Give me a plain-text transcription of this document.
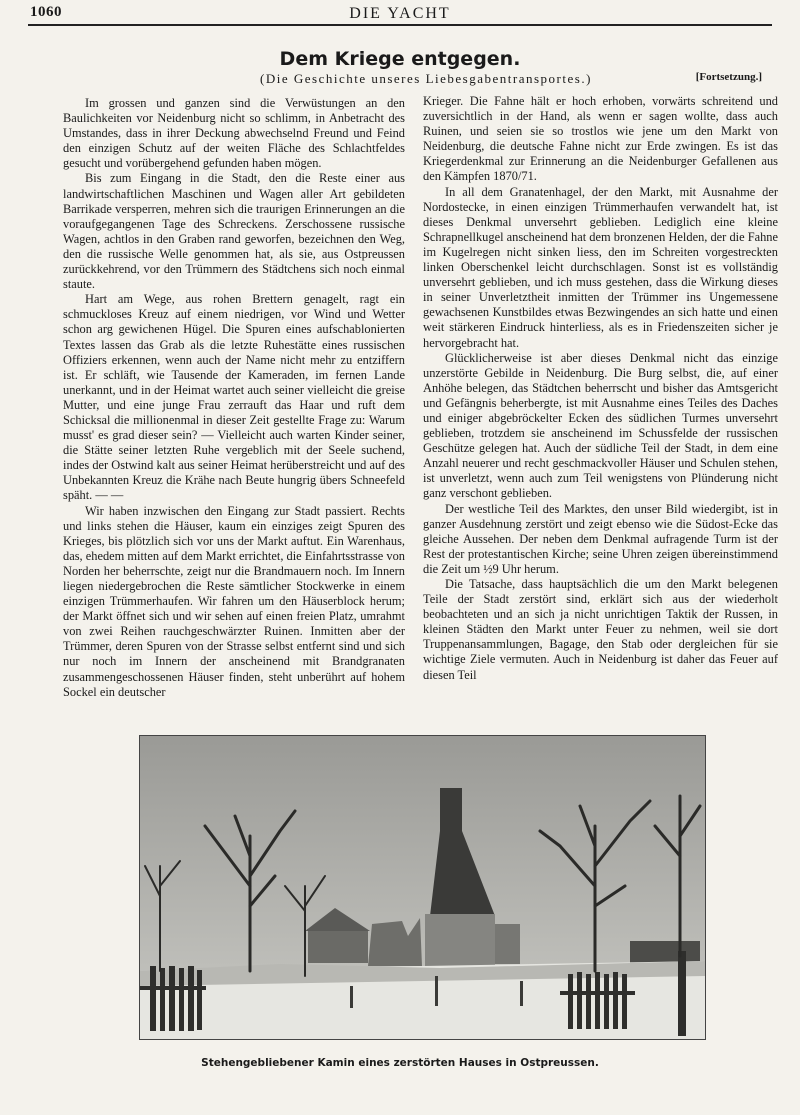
1060	DIE YACHT
Dem Kriege entgegen.
(Die Geschichte unseres Liebesgabentransportes.)	[Fortsetzung.]

Im grossen und ganzen sind die Verwüstungen an den Baulichkeiten vor Neidenburg nicht so schlimm, in Anbetracht des Umstandes, dass in ihrer Deckung abwechselnd Freund und Feind den einzigen Schutz auf der weiten Fläche des Schlachtfeldes gesucht und vorübergehend gefunden haben mögen.

Bis zum Eingang in die Stadt, den die Reste einer aus landwirtschaftlichen Maschinen und Wagen aller Art gebildeten Barrikade versperren, mehren sich die traurigen Erinnerungen an die voraufgegangenen Tage des Schreckens. Zerschossene russische Wagen, achtlos in den Graben rand geworfen, bezeichnen den Weg, den die russische Welle genommen hat, als sie, aus Ostpreussen zurückkehrend, vor den Trümmern des Städtchens sich noch einmal staute.

Hart am Wege, aus rohen Brettern genagelt, ragt ein schmuckloses Kreuz auf einem niedrigen, vor Wind und Wetter schon arg gewichenen Hügel. Die Spuren eines aufschablonierten Textes lassen das Grab als die letzte Ruhestätte eines russischen Offiziers erkennen, wenn auch der Name nicht mehr zu entziffern ist. Er schläft, wie Tausende der Kameraden, im fernen Lande unerkannt, und in der Heimat wartet auch seiner vielleicht die greise Mutter, und eine junge Frau zerrauft das Haar und ruft dem Schicksal die millionenmal in dieser Zeit gestellte Frage zu: Warum musst' es grad dieser sein? — Vielleicht auch warten Kinder seiner, die Stätte seiner letzten Ruhe vergeblich mit der Seele suchend, indes der Ostwind kalt aus seiner Heimat herüberstreicht und auf des Unbekannten Kreuz die Krähe nach Beute hungrig übers Schneefeld späht. — —

Wir haben inzwischen den Eingang zur Stadt passiert. Rechts und links stehen die Häuser, kaum ein einziges zeigt Spuren des Krieges, bis plötzlich sich vor uns der Markt auftut. Ein Warenhaus, das, ehedem mitten auf dem Markt errichtet, die Einfahrtsstrasse von Norden her beherrschte, zeigt nur die Brandmauern noch. Im Innern liegen niedergebrochen die Reste sämtlicher Stockwerke in einem einzigen Trümmerhaufen. Wir fahren um den Häuserblock herum; der Markt öffnet sich und wir sehen auf einen freien Platz, umrahmt von zwei Reihen rauchgeschwärzter Ruinen. Inmitten aber der Trümmer, deren Spuren von der Strasse selbst entfernt sind und sich nur noch im Innern der anscheinend mit Brandgranaten zusammengeschossenen Häuser finden, steht unberührt auf hohem Sockel ein deutscher

Krieger. Die Fahne hält er hoch erhoben, vorwärts schreitend und zuversichtlich in der Hand, als wenn er sagen wollte, dass auch Ruinen, und seien sie so trostlos wie jene um den Markt von Neidenburg, die deutsche Fahne nicht zur Erde zwingen. Es ist das Kriegerdenkmal zur Erinnerung an die Neidenburger Gefallenen aus den Kämpfen 1870/71.

In all dem Granatenhagel, der den Markt, mit Ausnahme der Nordostecke, in einen einzigen Trümmerhaufen verwandelt hat, ist dieses Denkmal unversehrt geblieben. Lediglich eine kleine Schrapnellkugel anscheinend hat dem bronzenen Helden, der die Fahne im Kugelregen nicht sinken liess, den im Schreiten vorgestreckten linken Oberschenkel leicht durchschlagen. Sonst ist es vollständig unversehrt geblieben, und ich muss gestehen, dass die Wirkung dieses in seiner Unverletztheit inmitten der Trümmer ins Ungemessene gewachsenen Kunstbildes etwas Bezwingendes an sich hatte und einen weit stärkeren Eindruck hinterliess, als es in Friedenszeiten sicher je hervorgebracht hat.

Glücklicherweise ist aber dieses Denkmal nicht das einzige unzerstörte Gebilde in Neidenburg. Die Burg selbst, die, auf einer Anhöhe belegen, das Städtchen beherrscht und bisher das Amtsgericht und Gefängnis beherbergte, ist mit Ausnahme eines Teiles des Daches und einiger abgebröckelter Ecken des südlichen Turmes unversehrt geblieben, trotzdem sie anscheinend im Schussfelde der russischen Geschütze gelegen hat. Auch der südliche Teil der Stadt, in dem eine Anzahl neuerer und recht geschmackvoller Häuser und Schulen stehen, ist unverletzt, wenn auch zum Teil wenigstens von Plünderung nicht ganz verschont geblieben.

Der westliche Teil des Marktes, den unser Bild wiedergibt, ist in ganzer Ausdehnung zerstört und zeigt ebenso wie die Südost-Ecke das gleiche Aussehen. Der neben dem Denkmal aufragende Turm ist der Rest der protestantischen Kirche; seine Uhren zeigen übereinstimmend die Zeit um ½9 Uhr herum.

Die Tatsache, dass hauptsächlich die um den Markt belegenen Teile der Stadt zerstört sind, erklärt sich aus der wiederholt beobachteten und an sich ja nicht unrichtigen Taktik der Russen, in kleinen Städten den Markt unter Feuer zu nehmen, weil sie dort Truppenansammlungen, Bagage, den Stab oder dergleichen für sie wichtige Ziele vermuten. Auch in Neidenburg ist daher das Feuer auf diesen Teil

Stehengebliebener Kamin eines zerstörten Hauses in Ostpreussen.
